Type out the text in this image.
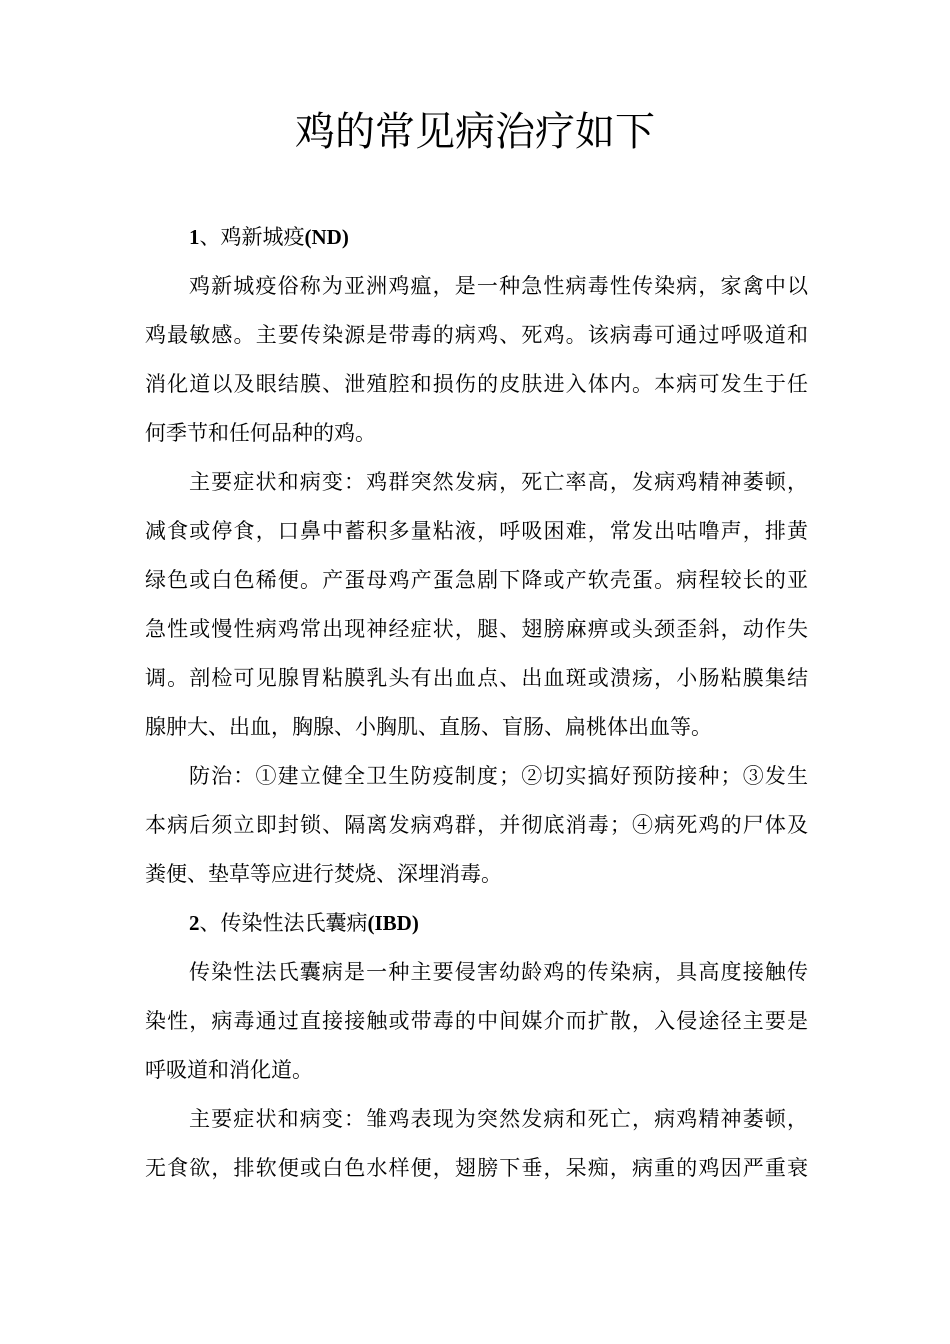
鸡的常见病治疗如下
1、鸡新城疫(ND)

鸡新城疫俗称为亚洲鸡瘟，是一种急性病毒性传染病，家禽中以
鸡最敏感。主要传染源是带毒的病鸡、死鸡。该病毒可通过呼吸道和
消化道以及眼结膜、泄殖腔和损伤的皮肤进入体内。本病可发生于任
何季节和任何品种的鸡。

主要症状和病变：鸡群突然发病，死亡率高，发病鸡精神萎顿，
减食或停食，口鼻中蓄积多量粘液，呼吸困难，常发出咕噜声，排黄
绿色或白色稀便。产蛋母鸡产蛋急剧下降或产软壳蛋。病程较长的亚
急性或慢性病鸡常出现神经症状，腿、翅膀麻痹或头颈歪斜，动作失
调。剖检可见腺胃粘膜乳头有出血点、出血斑或溃疡，小肠粘膜集结
腺肿大、出血，胸腺、小胸肌、直肠、盲肠、扁桃体出血等。

防治：①建立健全卫生防疫制度；②切实搞好预防接种；③发生
本病后须立即封锁、隔离发病鸡群，并彻底消毒；④病死鸡的尸体及
粪便、垫草等应进行焚烧、深埋消毒。

2、传染性法氏囊病(IBD)

传染性法氏囊病是一种主要侵害幼龄鸡的传染病，具高度接触传
染性，病毒通过直接接触或带毒的中间媒介而扩散，入侵途径主要是
呼吸道和消化道。

主要症状和病变：雏鸡表现为突然发病和死亡，病鸡精神萎顿，
无食欲，排软便或白色水样便，翅膀下垂，呆痴，病重的鸡因严重衰
